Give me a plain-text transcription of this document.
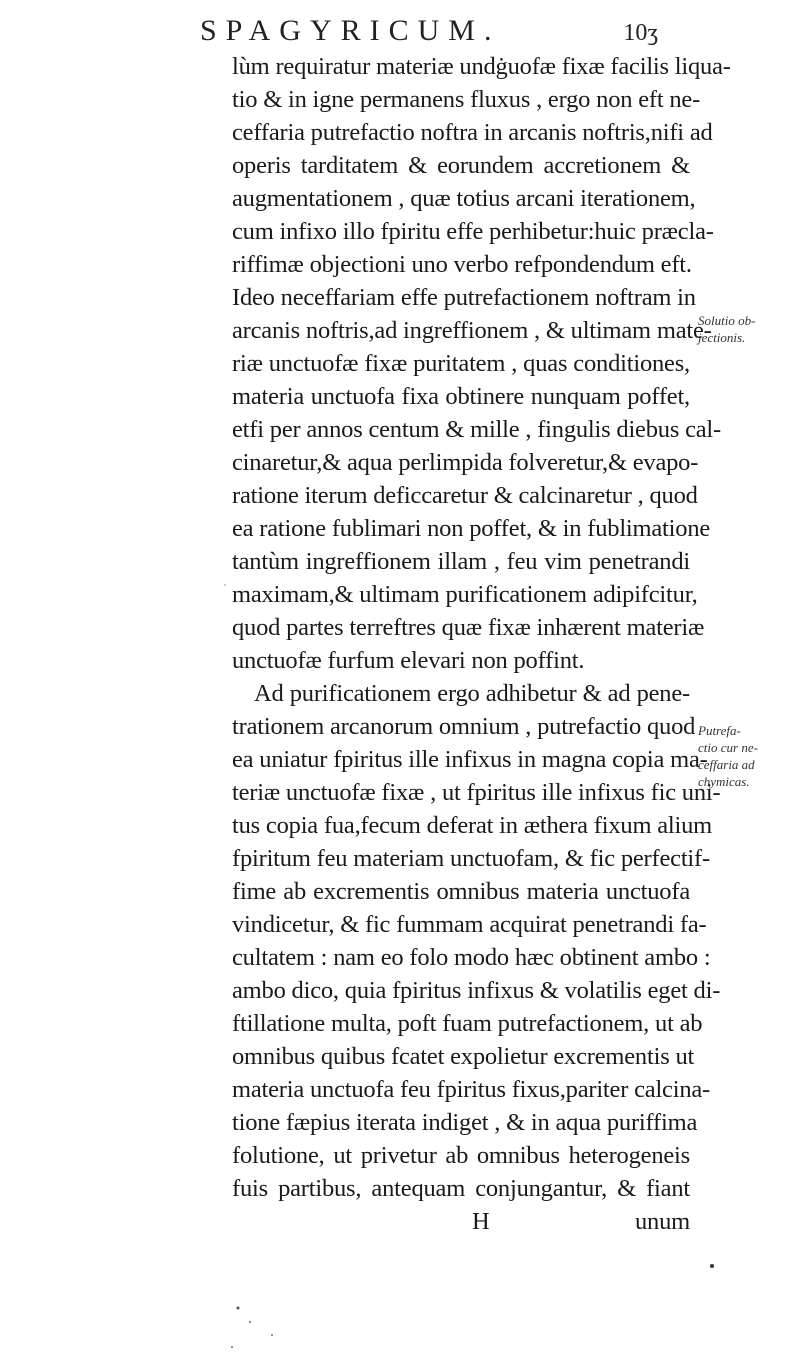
SPAGYRICUM.	10ʒ
lùm requiratur materiæ undġuofæ fixæ facilis liqua-
tio & in igne permanens fluxus , ergo non eft ne-
ceffaria putrefactio noftra in arcanis noftris,nifi ad
operis tarditatem & eorundem accretionem &
augmentationem , quæ totius arcani iterationem,
cum infixo illo fpiritu effe perhibetur:huic præcla-
riffimæ objectioni uno verbo refpondendum eft.
Ideo neceffariam effe putrefactionem noftram in
arcanis noftris,ad ingreffionem , & ultimam mate-
riæ unctuofæ fixæ puritatem , quas conditiones,
materia unctuofa fixa obtinere nunquam poffet,
etfi per annos centum & mille , fingulis diebus cal-
cinaretur,& aqua perlimpida folveretur,& evapo-
ratione iterum deficcaretur & calcinaretur , quod
ea ratione fublimari non poffet, & in fublimatione
tantùm ingreffionem illam , feu vim penetrandi
maximam,& ultimam purificationem adipifcitur,
quod partes terreftres quæ fixæ inhærent materiæ
unctuofæ furfum elevari non poffint.
Ad purificationem ergo adhibetur & ad pene-
trationem arcanorum omnium , putrefactio quod
ea uniatur fpiritus ille infixus in magna copia ma-
teriæ unctuofæ fixæ , ut fpiritus ille infixus fic uni-
tus copia fua,fecum deferat in æthera fixum alium
fpiritum feu materiam unctuofam, & fic perfectif-
fime ab excrementis omnibus materia unctuofa
vindicetur, & fic fummam acquirat penetrandi fa-
cultatem : nam eo folo modo hæc obtinent ambo :
ambo dico, quia fpiritus infixus & volatilis eget di-
ftillatione multa, poft fuam putrefactionem, ut ab
omnibus quibus fcatet expolietur excrementis ut
materia unctuofa feu fpiritus fixus,pariter calcina-
tione fæpius iterata indiget , & in aqua puriffima
folutione, ut privetur ab omnibus heterogeneis
fuis partibus, antequam conjungantur, & fiant
H	unum
Solutio ob-
jectionis.
Putrefa-
ctio cur ne-
ceffaria ad
chymicas.
